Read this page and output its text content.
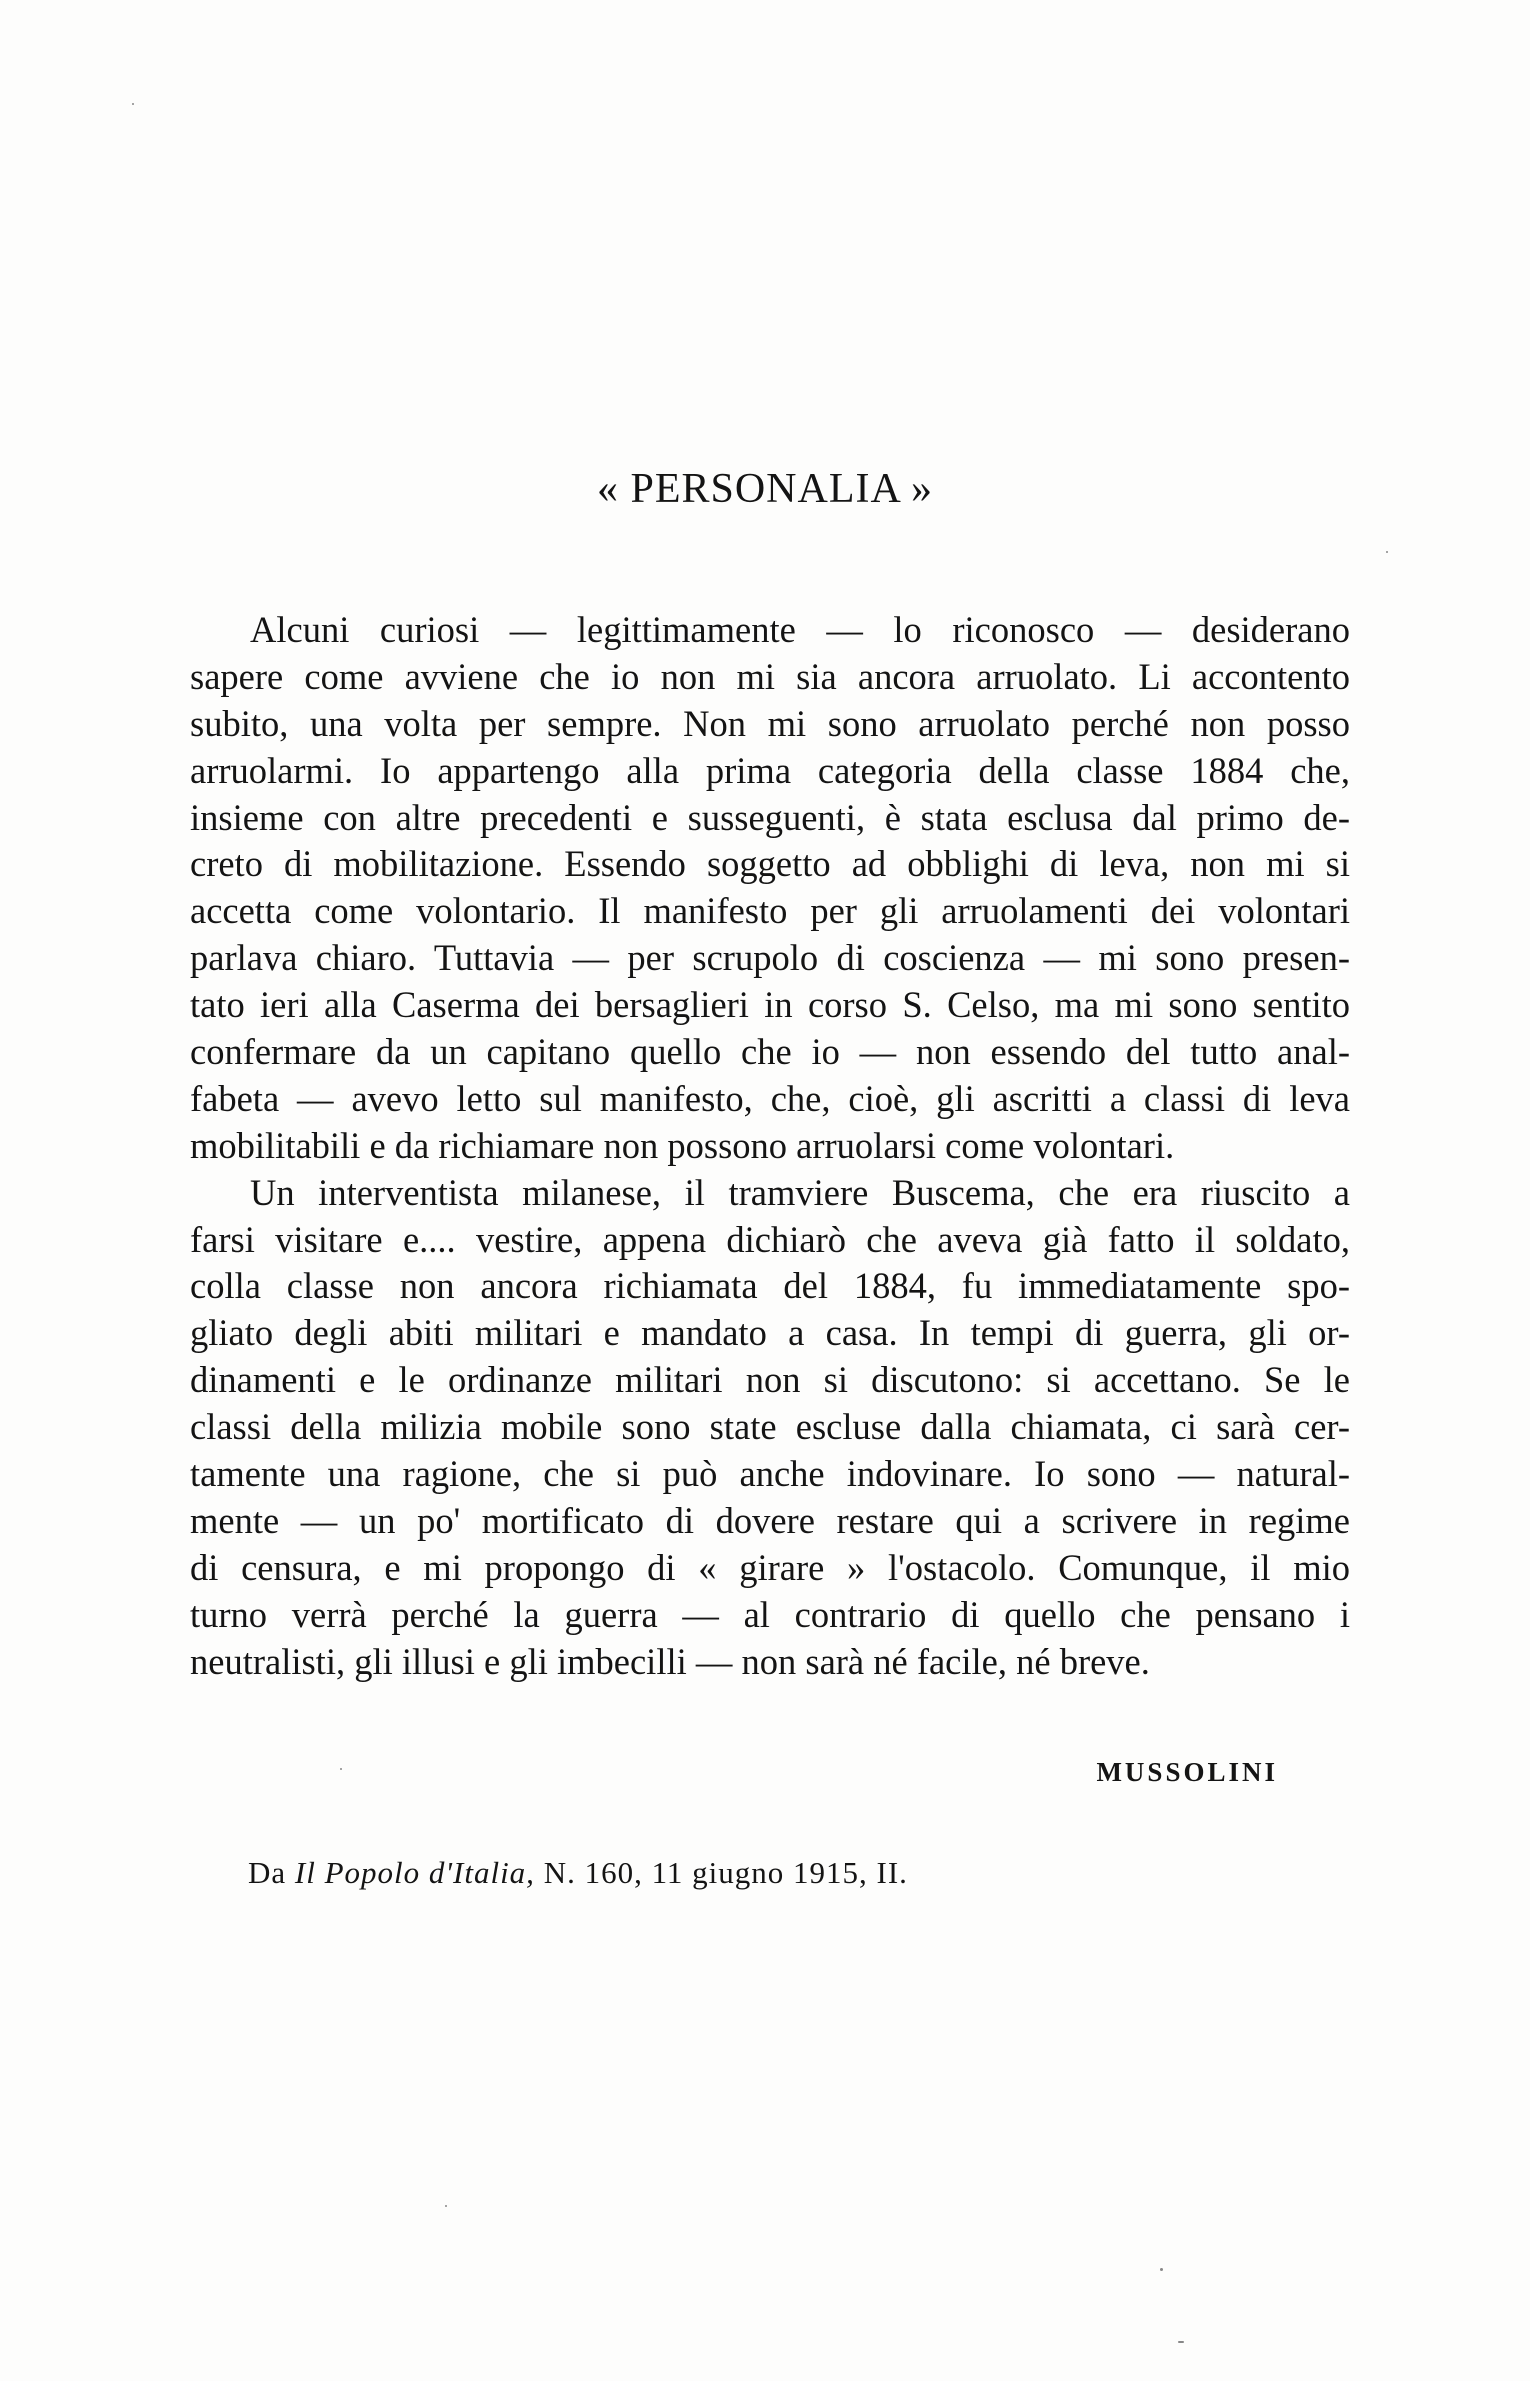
« PERSONALIA »
Alcuni curiosi — legittimamente — lo riconosco — desiderano
sapere come avviene che io non mi sia ancora arruolato. Li accontento
subito, una volta per sempre. Non mi sono arruolato perché non posso
arruolarmi. Io appartengo alla prima categoria della classe 1884 che,
insieme con altre precedenti e susseguenti, è stata esclusa dal primo de-
creto di mobilitazione. Essendo soggetto ad obblighi di leva, non mi si
accetta come volontario. Il manifesto per gli arruolamenti dei volontari
parlava chiaro. Tuttavia — per scrupolo di coscienza — mi sono presen-
tato ieri alla Caserma dei bersaglieri in corso S. Celso, ma mi sono sentito
confermare da un capitano quello che io — non essendo del tutto anal-
fabeta — avevo letto sul manifesto, che, cioè, gli ascritti a classi di leva
mobilitabili e da richiamare non possono arruolarsi come volontari.
Un interventista milanese, il tramviere Buscema, che era riuscito a
farsi visitare e.... vestire, appena dichiarò che aveva già fatto il soldato,
colla classe non ancora richiamata del 1884, fu immediatamente spo-
gliato degli abiti militari e mandato a casa. In tempi di guerra, gli or-
dinamenti e le ordinanze militari non si discutono: si accettano. Se le
classi della milizia mobile sono state escluse dalla chiamata, ci sarà cer-
tamente una ragione, che si può anche indovinare. Io sono — natural-
mente — un po' mortificato di dovere restare qui a scrivere in regime
di censura, e mi propongo di « girare » l'ostacolo. Comunque, il mio
turno verrà perché la guerra — al contrario di quello che pensano i
neutralisti, gli illusi e gli imbecilli — non sarà né facile, né breve.
MUSSOLINI
Da Il Popolo d'Italia, N. 160, 11 giugno 1915, II.
